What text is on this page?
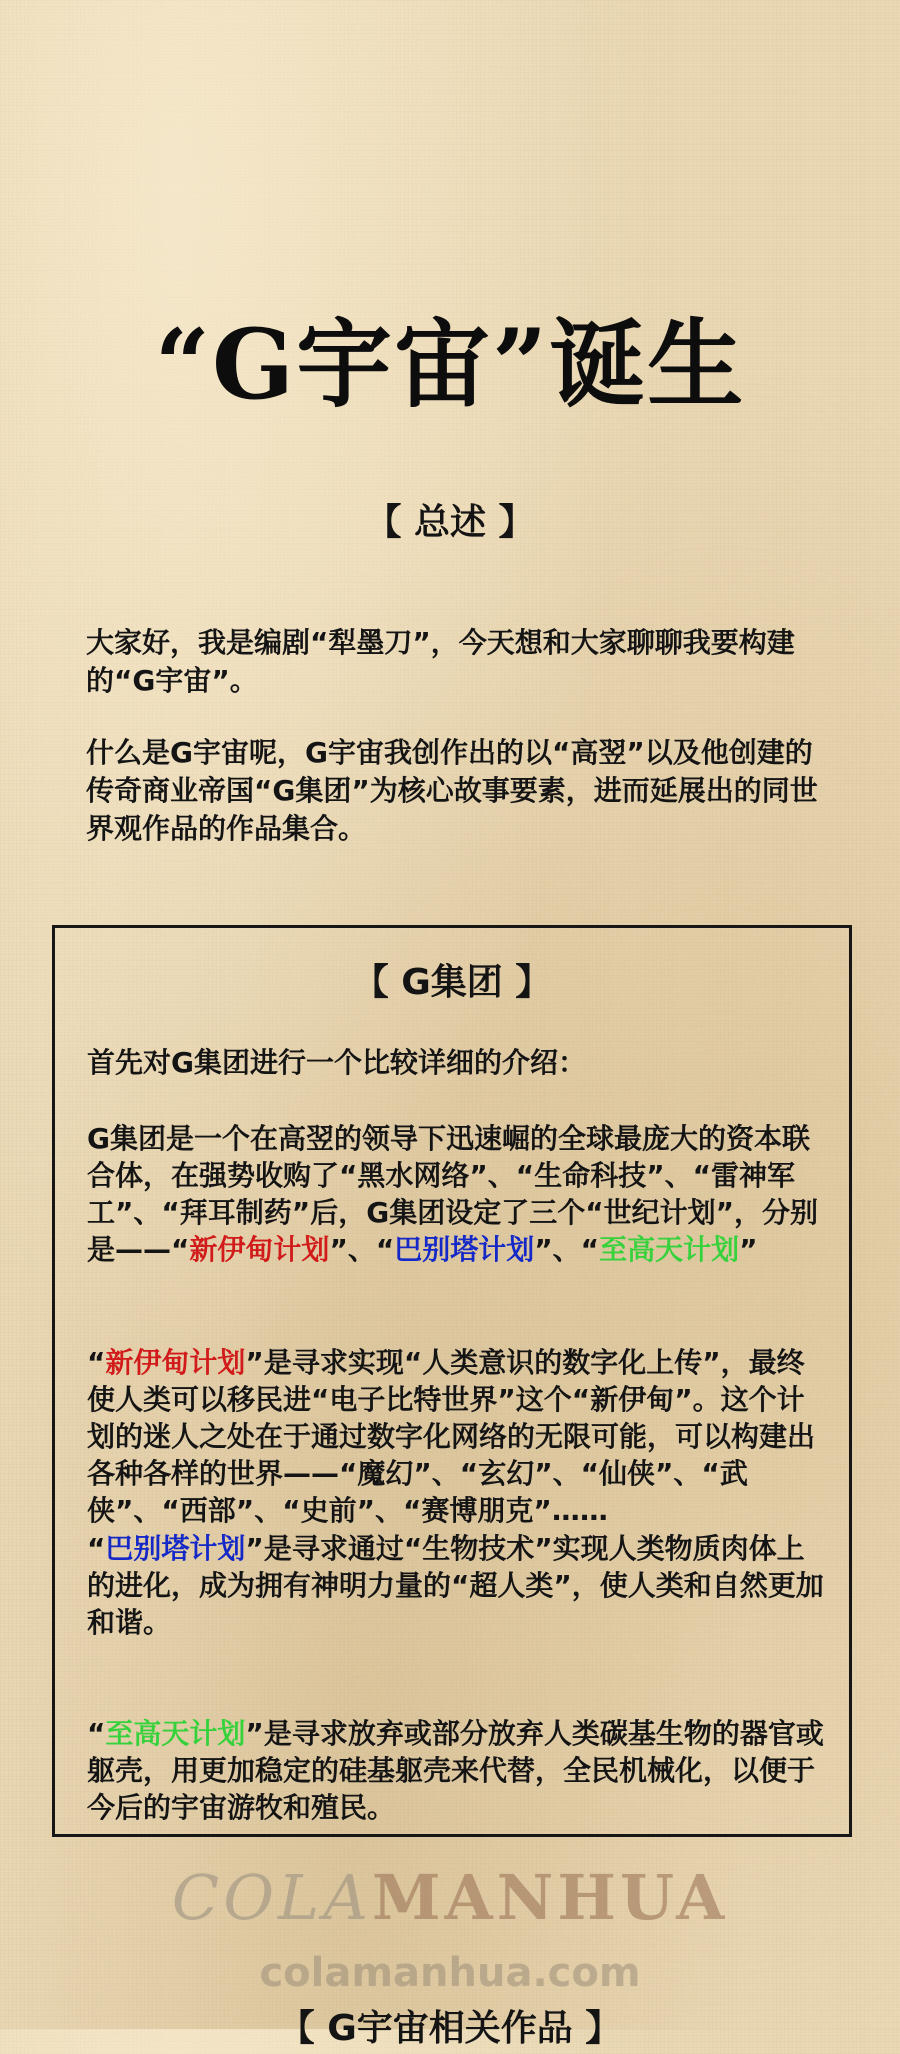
“G宇宙”诞生
【 总述 】

大家好，我是编剧“犁墨刀”，今天想和大家聊聊我要构建的“G宇宙”。

什么是G宇宙呢，G宇宙我创作出的以“高翌”以及他创建的传奇商业帝国“G集团”为核心故事要素，进而延展出的同世界观作品的作品集合。

【 G集团 】

首先对G集团进行一个比较详细的介绍：

G集团是一个在高翌的领导下迅速崛的全球最庞大的资本联合体，在强势收购了“黑水网络”、“生命科技”、“雷神军工”、“拜耳制药”后，G集团设定了三个“世纪计划”，分别是——“新伊甸计划”、“巴别塔计划”、“至高天计划”

“新伊甸计划”是寻求实现“人类意识的数字化上传”，最终使人类可以移民进“电子比特世界”这个“新伊甸”。这个计划的迷人之处在于通过数字化网络的无限可能，可以构建出各种各样的世界——“魔幻”、“玄幻”、“仙侠”、“武侠”、“西部”、“史前”、“赛博朋克”……

“巴别塔计划”是寻求通过“生物技术”实现人类物质肉体上的进化，成为拥有神明力量的“超人类”，使人类和自然更加和谐。

“至高天计划”是寻求放弃或部分放弃人类碳基生物的器官或躯壳，用更加稳定的硅基躯壳来代替，全民机械化，以便于今后的宇宙游牧和殖民。

COLAMANHUA
colamanhua.com
【 G宇宙相关作品 】
